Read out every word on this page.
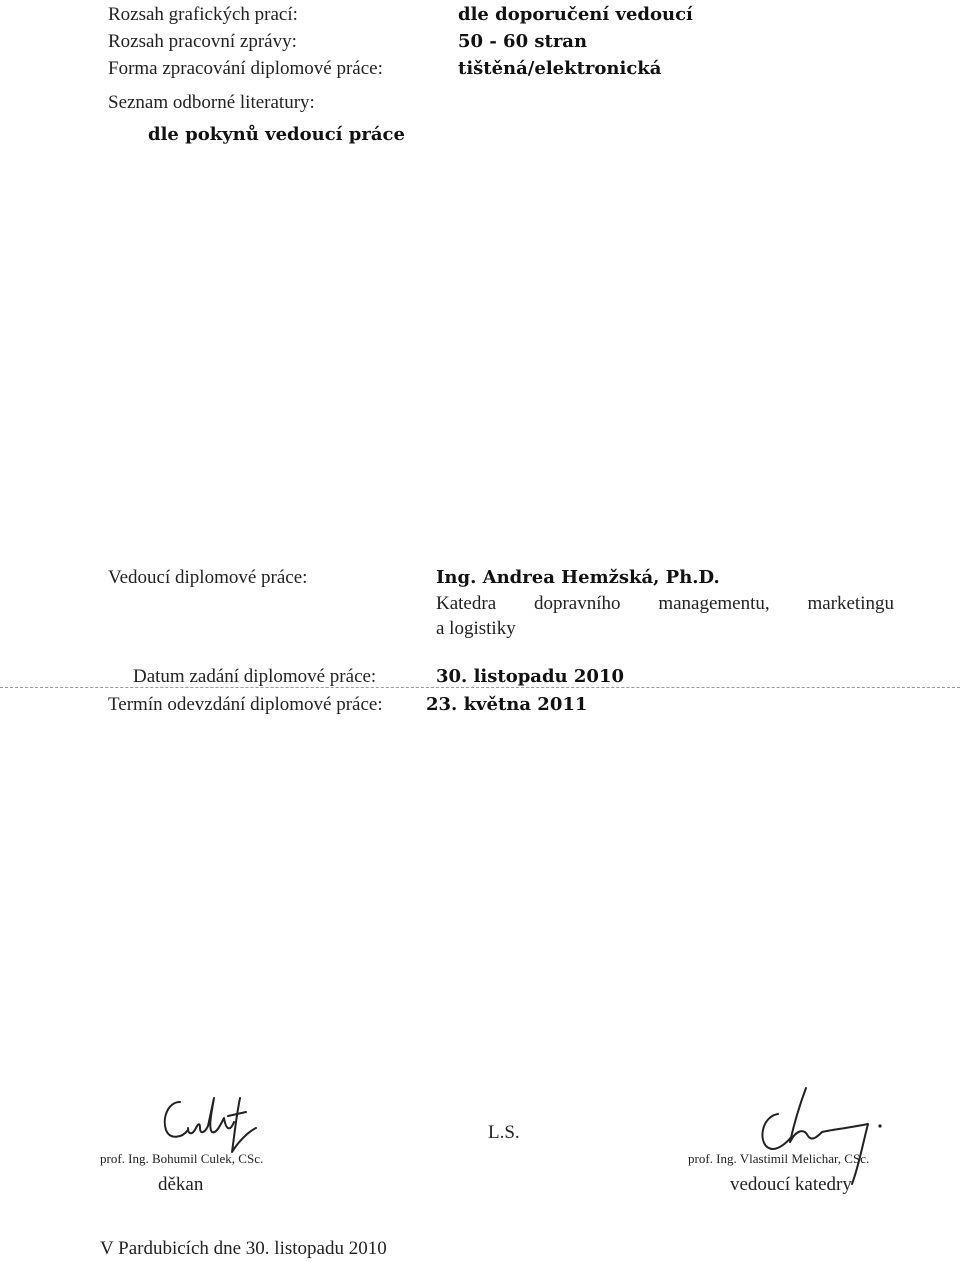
Rozsah grafických prací:	dle doporučení vedoucí
Rozsah pracovní zprávy:	50 - 60 stran
Forma zpracování diplomové práce:	tištěná/elektronická
Seznam odborné literatury:
dle pokynů vedoucí práce
Vedoucí diplomové práce:	Ing. Andrea Hemžská, Ph.D.
Katedra dopravního managementu, marketingu
a logistiky
Datum zadání diplomové práce:	30. listopadu 2010
Termín odevzdání diplomové práce: 23. května 2011
prof. Ing. Bohumil Culek, CSc.
děkan
L.S.
prof. Ing. Vlastimil Melichar, CSc.
vedoucí katedry
V Pardubicích dne 30. listopadu 2010
